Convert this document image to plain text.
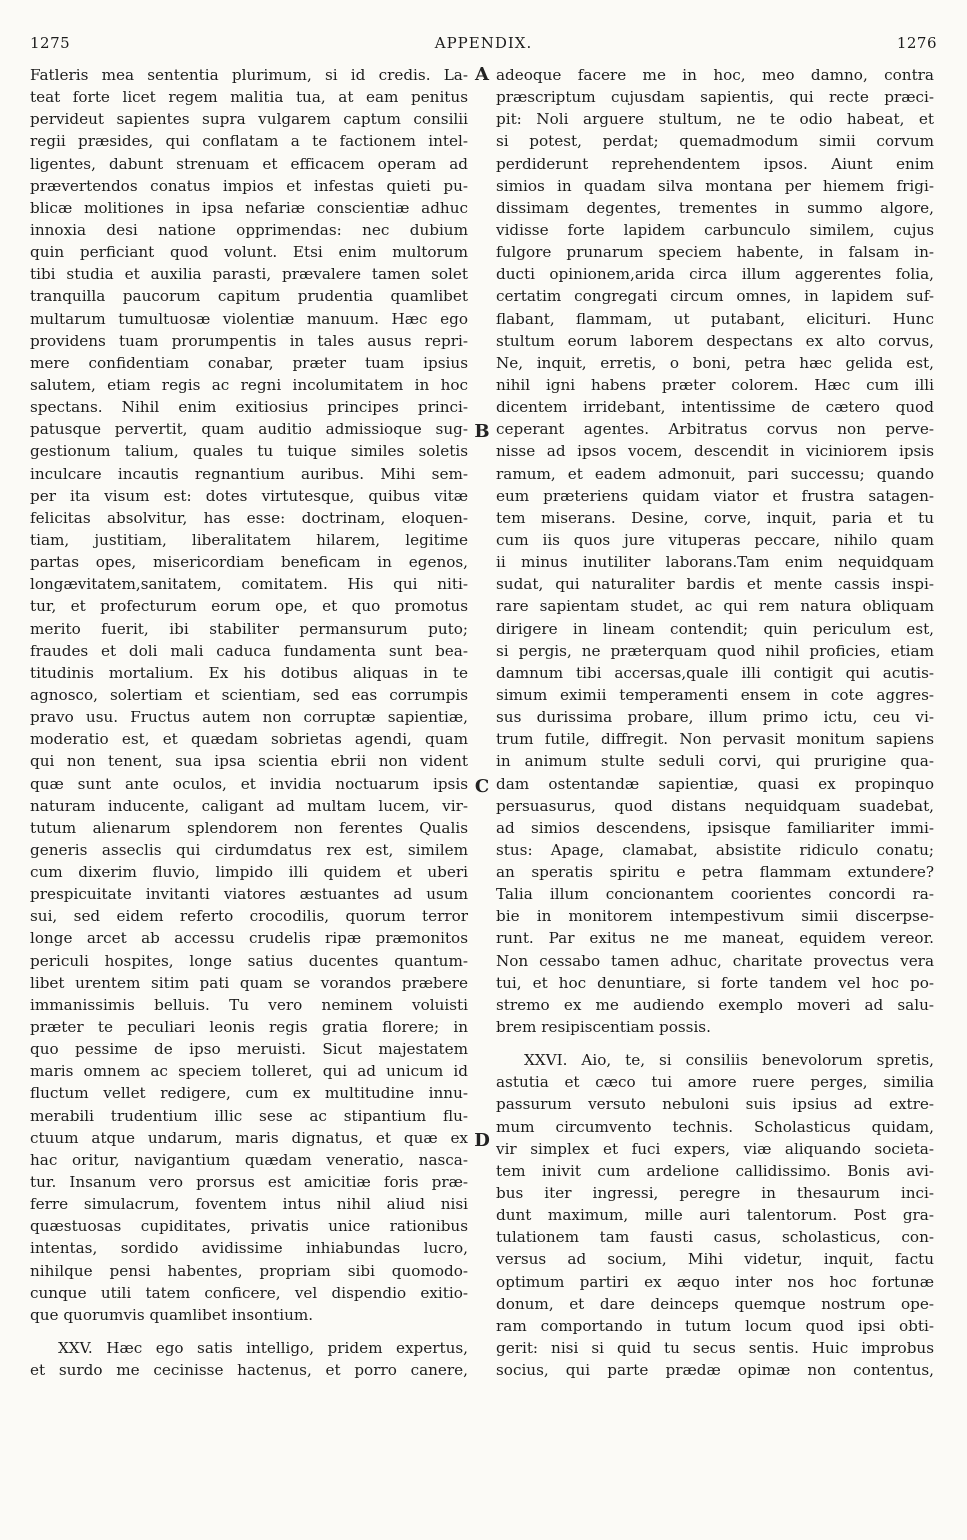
1275	APPENDIX.	1276
Fatleris mea sententia plurimum, si id credis. La-
teat forte licet regem malitia tua, at eam penitus
pervideut sapientes supra vulgarem captum consilii
regii præsides, qui conflatam a te factionem intel-
ligentes, dabunt strenuam et efficacem operam ad
prævertendos conatus impios et infestas quieti pu-
blicæ molitiones in ipsa nefariæ conscientiæ adhuc
innoxia desi natione opprimendas: nec dubium
quin perficiant quod volunt. Etsi enim multorum
tibi studia et auxilia parasti, prævalere tamen solet
tranquilla paucorum capitum prudentia quamlibet
multarum tumultuosæ violentiæ manuum. Hæc ego
providens tuam prorumpentis in tales ausus repri-
mere confidentiam conabar, præter tuam ipsius
salutem, etiam regis ac regni incolumitatem in hoc
spectans. Nihil enim exitiosius principes princi-
patusque pervertit, quam auditio admissioque sug-
gestionum talium, quales tu tuique similes soletis
inculcare incautis regnantium auribus. Mihi sem-
per ita visum est: dotes virtutesque, quibus vitæ
felicitas absolvitur, has esse: doctrinam, eloquen-
tiam, justitiam, liberalitatem hilarem, legitime
partas opes, misericordiam beneficam in egenos,
longævitatem,sanitatem, comitatem. His qui niti-
tur, et profecturum eorum ope, et quo promotus
merito fuerit, ibi stabiliter permansurum puto;
fraudes et doli mali caduca fundamenta sunt bea-
titudinis mortalium. Ex his dotibus aliquas in te
agnosco, solertiam et scientiam, sed eas corrumpis
pravo usu. Fructus autem non corruptæ sapientiæ,
moderatio est, et quædam sobrietas agendi, quam
qui non tenent, sua ipsa scientia ebrii non vident
quæ sunt ante oculos, et invidia noctuarum ipsis
naturam inducente, caligant ad multam lucem, vir-
tutum alienarum splendorem non ferentes Qualis
generis asseclis qui cirdumdatus rex est, similem
cum dixerim fluvio, limpido illi quidem et uberi
prespicuitate invitanti viatores æstuantes ad usum
sui, sed eidem referto crocodilis, quorum terror
longe arcet ab accessu crudelis ripæ præmonitos
periculi hospites, longe satius ducentes quantum-
libet urentem sitim pati quam se vorandos præbere
immanissimis belluis. Tu vero neminem voluisti
præter te peculiari leonis regis gratia florere; in
quo pessime de ipso meruisti. Sicut majestatem
maris omnem ac speciem tolleret, qui ad unicum id
fluctum vellet redigere, cum ex multitudine innu-
merabili trudentium illic sese ac stipantium flu-
ctuum atque undarum, maris dignatus, et quæ ex
hac oritur, navigantium quædam veneratio, nasca-
tur. Insanum vero prorsus est amicitiæ foris præ-
ferre simulacrum, foventem intus nihil aliud nisi
quæstuosas cupiditates, privatis unice rationibus
intentas, sordido avidissime inhiabundas lucro,
nihilque pensi habentes, propriam sibi quomodo-
cunque utili tatem conficere, vel dispendio exitio-
que quorumvis quamlibet insontium.
XXV. Hæc ego satis intelligo, pridem expertus,
et surdo me cecinisse hactenus, et porro canere,
adeoque facere me in hoc, meo damno, contra
præscriptum cujusdam sapientis, qui recte præci-
pit: Noli arguere stultum, ne te odio habeat, et
si potest, perdat; quemadmodum simii corvum
perdiderunt reprehendentem ipsos. Aiunt enim
simios in quadam silva montana per hiemem frigi-
dissimam degentes, trementes in summo algore,
vidisse forte lapidem carbunculo similem, cujus
fulgore prunarum speciem habente, in falsam in-
ducti opinionem,arida circa illum aggerentes folia,
certatim congregati circum omnes, in lapidem suf-
flabant, flammam, ut putabant, eliciturі. Hunc
stultum eorum laborem despectans ex alto corvus,
Ne, inquit, erretis, o boni, petra hæc gelida est,
nihil igni habens præter colorem. Hæc cum illi
dicentem irridebant, intentissime de cætero quod
ceperant agentes. Arbitratus corvus non perve-
nisse ad ipsos vocem, descendit in viciniorem ipsis
ramum, et eadem admonuit, pari successu; quando
eum præteriens quidam viator et frustra satagen-
tem miserans. Desine, corve, inquit, paria et tu
cum iis quos jure vituperas peccare, nihilo quam
ii minus inutiliter laborans.Tam enim nequidquam
sudat, qui naturaliter bardis et mente cassis inspi-
rare sapientam studet, ac qui rem natura obliquam
dirigere in lineam contendit; quin periculum est,
si pergis, ne præterquam quod nihil proficies, etiam
damnum tibi accersas,quale illi contigit qui acutis-
simum eximii temperamenti ensem in cote aggres-
sus durissima probare, illum primo ictu, ceu vi-
trum futile, diffregit. Non pervasit monitum sapiens
in animum stulte seduli corvi, qui prurigine qua-
dam ostentandæ sapientiæ, quasi ex propinquo
persuasurus, quod distans nequidquam suadebat,
ad simios descendens, ipsisque familiariter immi-
stus: Apage, clamabat, absistite ridiculo conatu;
an speratis spiritu e petra flammam extundere?
Talia illum concionantem coorientes concordi ra-
bie in monitorem intempestivum simii discerpse-
runt. Par exitus ne me maneat, equidem vereor.
Non cessabo tamen adhuc, charitate provectus vera
tui, et hoc denuntiare, si forte tandem vel hoc po-
stremo ex me audiendo exemplo moveri ad salu-
brem resipiscentiam possis.
XXVI. Aio, te, si consiliis benevolorum spretis,
astutia et cæco tui amore ruere perges, similia
passurum versuto nebuloni suis ipsius ad extre-
mum circumvento technis. Scholasticus quidam,
vir simplex et fuci expers, viæ aliquando societa-
tem inivit cum ardelione callidissimo. Bonis avi-
bus iter ingressi, peregre in thesaurum inci-
dunt maximum, mille auri talentorum. Post gra-
tulationem tam fausti casus, scholasticus, con-
versus ad socium, Mihi videtur, inquit, factu
optimum partiri ex æquo inter nos hoc fortunæ
donum, et dare deinceps quemque nostrum ope-
ram comportando in tutum locum quod ipsi obti-
gerit: nisi si quid tu secus sentis. Huic improbus
socius, qui parte prædæ opimæ non contentus,
A
B
C
D
